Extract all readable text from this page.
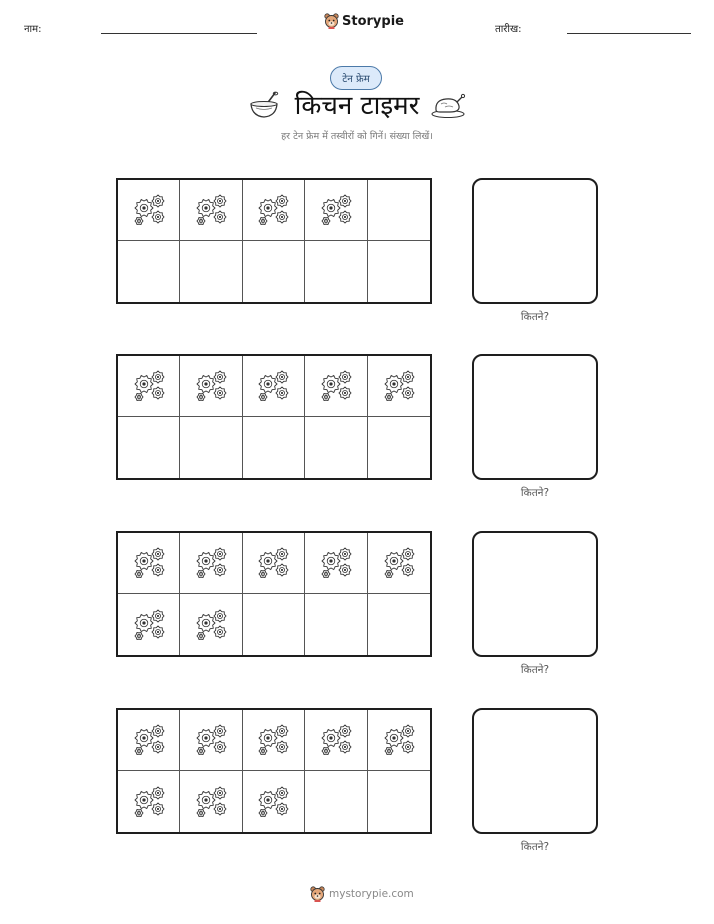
नाम:
Storypie
तारीख:
टेन फ्रेम
किचन टाइमर
हर टेन फ्रेम में तस्वीरों को गिनें। संख्या लिखें।
कितने?
कितने?
कितने?
कितने?
mystorypie.com
